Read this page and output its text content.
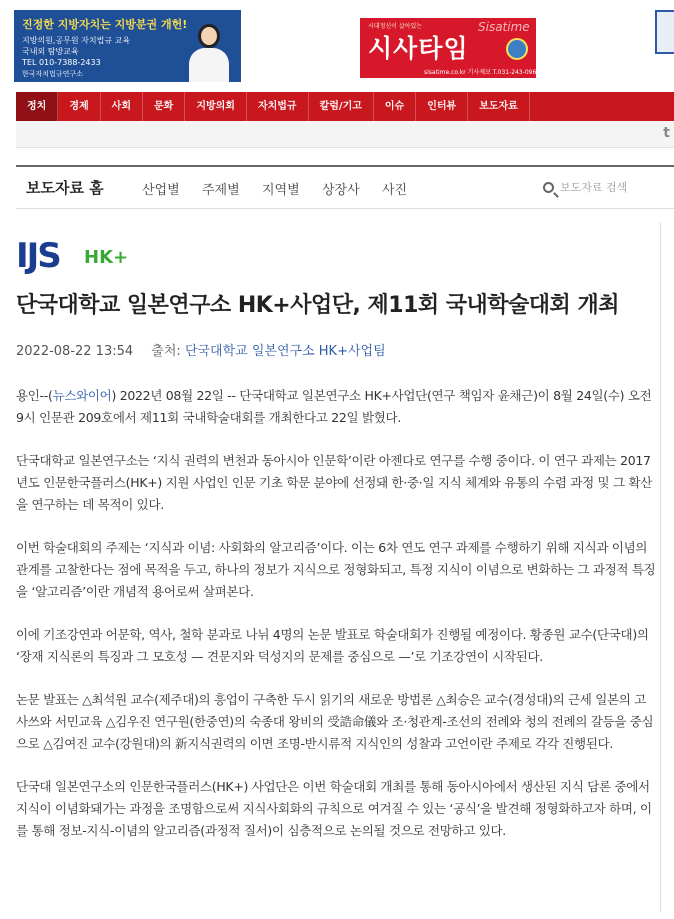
진정한 지방자치는 지방분권 개헌!
지방의원,공무원 자치법규 교육
국내외 탐방교육
TEL 010-7388-2433
한국자치법규연구소
시대정신이 살아있는	Sisatime
시사타임
sisatime.co.kr 기사제보 T.031-243-0965
정치	경제	사회	문화	지방의회	자치법규	칼럼/기고	이슈	인터뷰	보도자료
t
보도자료 홈	산업별	주제별	지역별	상장사	사진	보도자료 검색
IJS HK+
단국대학교 일본연구소 HK+사업단, 제11회 국내학술대회 개최
2022-08-22 13:54 출처: 단국대학교 일본연구소 HK+사업팀

용인--(뉴스와이어) 2022년 08월 22일 -- 단국대학교 일본연구소 HK+사업단(연구 책임자 윤채근)이 8월 24일(수) 오전 9시 인문관 209호에서 제11회 국내학술대회를 개최한다고 22일 밝혔다.

단국대학교 일본연구소는 ‘지식 권력의 변천과 동아시아 인문학’이란 아젠다로 연구를 수행 중이다. 이 연구 과제는 2017년도 인문한국플러스(HK+) 지원 사업인 인문 기초 학문 분야에 선정돼 한·중·일 지식 체계와 유통의 수렴 과정 및 그 확산을 연구하는 데 목적이 있다.

이번 학술대회의 주제는 ‘지식과 이념: 사회화의 알고리즘’이다. 이는 6차 연도 연구 과제를 수행하기 위해 지식과 이념의 관계를 고찰한다는 점에 목적을 두고, 하나의 정보가 지식으로 정형화되고, 특정 지식이 이념으로 변화하는 그 과정적 특징을 ‘알고리즘’이란 개념적 용어로써 살펴본다.

이에 기조강연과 어문학, 역사, 철학 분과로 나뉘 4명의 논문 발표로 학술대회가 진행될 예정이다. 황종원 교수(단국대)의 ‘장재 지식론의 특징과 그 모호성 — 견문지와 덕성지의 문제를 중심으로 —’로 기조강연이 시작된다.

논문 발표는 △최석원 교수(제주대)의 흥업이 구축한 두시 읽기의 새로운 방법론 △최승은 교수(경성대)의 근세 일본의 고사쓰와 서민교육 △김우진 연구원(한중연)의 숙종대 왕비의 受誥命儀와 조·청관계-조선의 전례와 청의 전례의 갈등을 중심으로 △김여진 교수(강원대)의 新지식권력의 이면 조명-반시류적 지식인의 성찰과 고언이란 주제로 각각 진행된다.

단국대 일본연구소의 인문한국플러스(HK+) 사업단은 이번 학술대회 개최를 통해 동아시아에서 생산된 지식 담론 중에서 지식이 이념화돼가는 과정을 조명함으로써 지식사회화의 규칙으로 여겨질 수 있는 ‘공식’을 발견해 정형화하고자 하며, 이를 통해 정보-지식-이념의 알고리즘(과정적 질서)이 심층적으로 논의될 것으로 전망하고 있다.
